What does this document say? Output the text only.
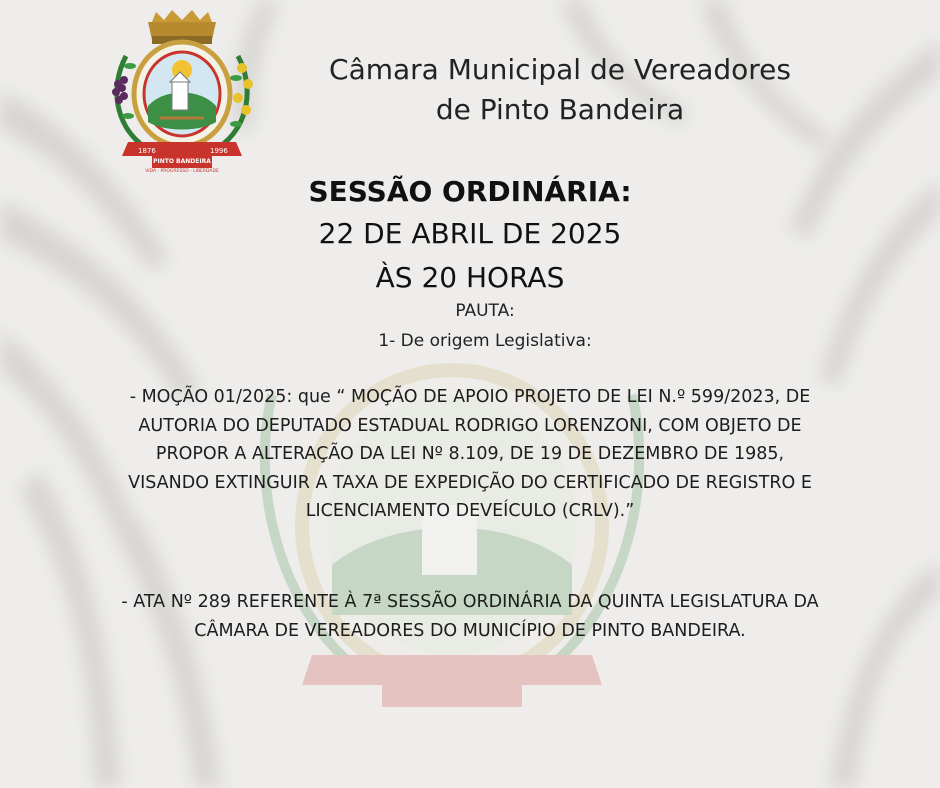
1876	1996
PINTO BANDEIRA
VIDA - PROGRESSO - LIBERDADE
Câmara Municipal de Vereadores
de Pinto Bandeira
SESSÃO ORDINÁRIA:
22 DE ABRIL DE 2025
ÀS 20 HORAS
PAUTA:
1- De origem Legislativa:
- MOÇÃO 01/2025: que “ MOÇÃO DE APOIO PROJETO DE LEI N.º 599/2023, DE
AUTORIA DO DEPUTADO ESTADUAL RODRIGO LORENZONI, COM OBJETO DE
PROPOR A ALTERAÇÃO DA LEI Nº 8.109, DE 19 DE DEZEMBRO DE 1985,
VISANDO EXTINGUIR A TAXA DE EXPEDIÇÃO DO CERTIFICADO DE REGISTRO E
LICENCIAMENTO DEVEÍCULO (CRLV).”
- ATA Nº 289 REFERENTE À 7ª SESSÃO ORDINÁRIA DA QUINTA LEGISLATURA DA
CÂMARA DE VEREADORES DO MUNICÍPIO DE PINTO BANDEIRA.
